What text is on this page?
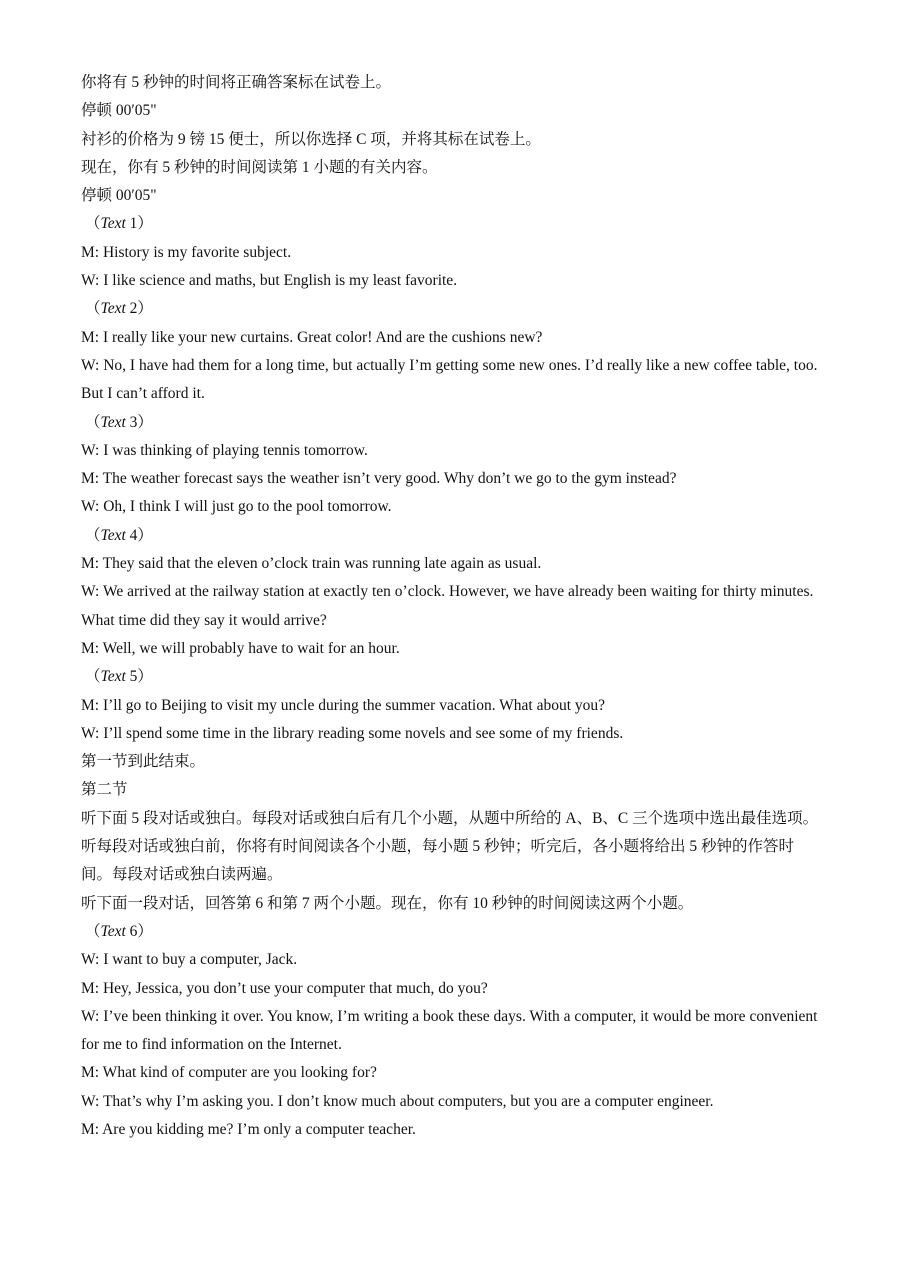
你将有 5 秒钟的时间将正确答案标在试卷上。
停顿 00′05"
衬衫的价格为 9 镑 15 便士，所以你选择 C 项，并将其标在试卷上。
现在，你有 5 秒钟的时间阅读第 1 小题的有关内容。
停顿 00′05"
（Text 1）
M: History is my favorite subject.
W: I like science and maths, but English is my least favorite.
（Text 2）
M: I really like your new curtains. Great color! And are the cushions new?
W: No, I have had them for a long time, but actually I’m getting some new ones. I’d really like a new coffee table, too. But I can’t afford it.
（Text 3）
W: I was thinking of playing tennis tomorrow.
M: The weather forecast says the weather isn’t very good. Why don’t we go to the gym instead?
W: Oh, I think I will just go to the pool tomorrow.
（Text 4）
M: They said that the eleven o’clock train was running late again as usual.
W: We arrived at the railway station at exactly ten o’clock. However, we have already been waiting for thirty minutes. What time did they say it would arrive?
M: Well, we will probably have to wait for an hour.
（Text 5）
M: I’ll go to Beijing to visit my uncle during the summer vacation. What about you?
W: I’ll spend some time in the library reading some novels and see some of my friends.
第一节到此结束。
第二节
听下面 5 段对话或独白。每段对话或独白后有几个小题，从题中所给的 A、B、C 三个选项中选出最佳选项。听每段对话或独白前，你将有时间阅读各个小题，每小题 5 秒钟；听完后，各小题将给出 5 秒钟的作答时间。每段对话或独白读两遍。
听下面一段对话，回答第 6 和第 7 两个小题。现在，你有 10 秒钟的时间阅读这两个小题。
（Text 6）
W: I want to buy a computer, Jack.
M: Hey, Jessica, you don’t use your computer that much, do you?
W: I’ve been thinking it over. You know, I’m writing a book these days. With a computer, it would be more convenient for me to find information on the Internet.
M: What kind of computer are you looking for?
W: That’s why I’m asking you. I don’t know much about computers, but you are a computer engineer.
M: Are you kidding me? I’m only a computer teacher.
